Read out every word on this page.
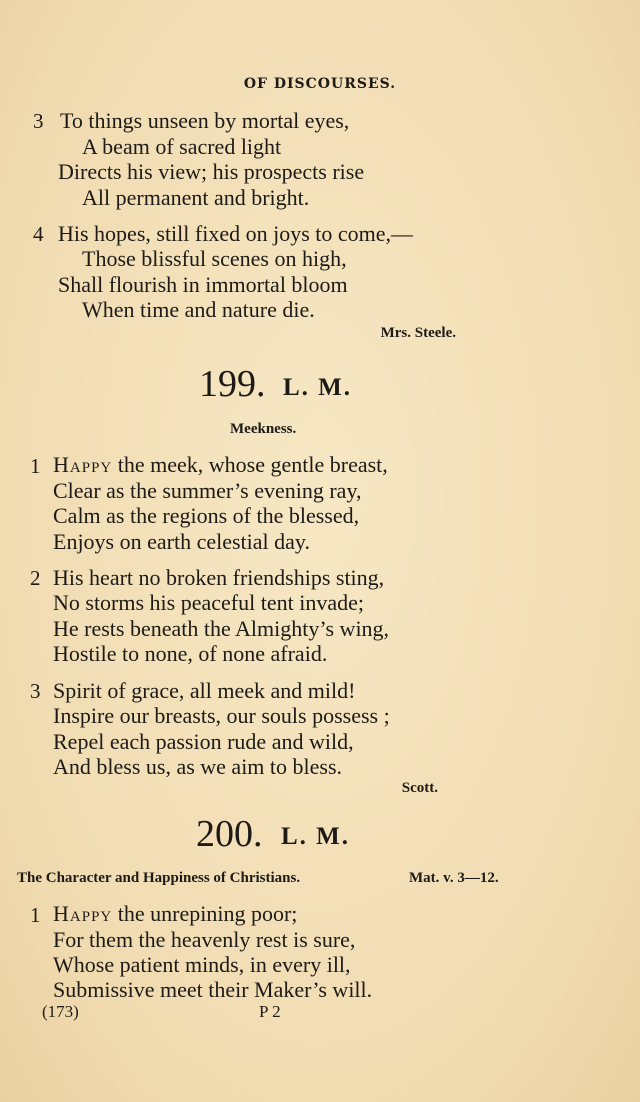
OF DISCOURSES.
3 To things unseen by mortal eyes,
A beam of sacred light
Directs his view; his prospects rise
All permanent and bright.
4 His hopes, still fixed on joys to come,—
Those blissful scenes on high,
Shall flourish in immortal bloom
When time and nature die.
Mrs. Steele.
199. L. M.
Meekness.
1 Happy the meek, whose gentle breast,
Clear as the summer’s evening ray,
Calm as the regions of the blessed,
Enjoys on earth celestial day.
2 His heart no broken friendships sting,
No storms his peaceful tent invade;
He rests beneath the Almighty’s wing,
Hostile to none, of none afraid.
3 Spirit of grace, all meek and mild!
Inspire our breasts, our souls possess ;
Repel each passion rude and wild,
And bless us, as we aim to bless.
Scott.
200. L. M.
The Character and Happiness of Christians.	Mat. v. 3—12.
1 Happy the unrepining poor;
For them the heavenly rest is sure,
Whose patient minds, in every ill,
Submissive meet their Maker’s will.
(173)	P 2
